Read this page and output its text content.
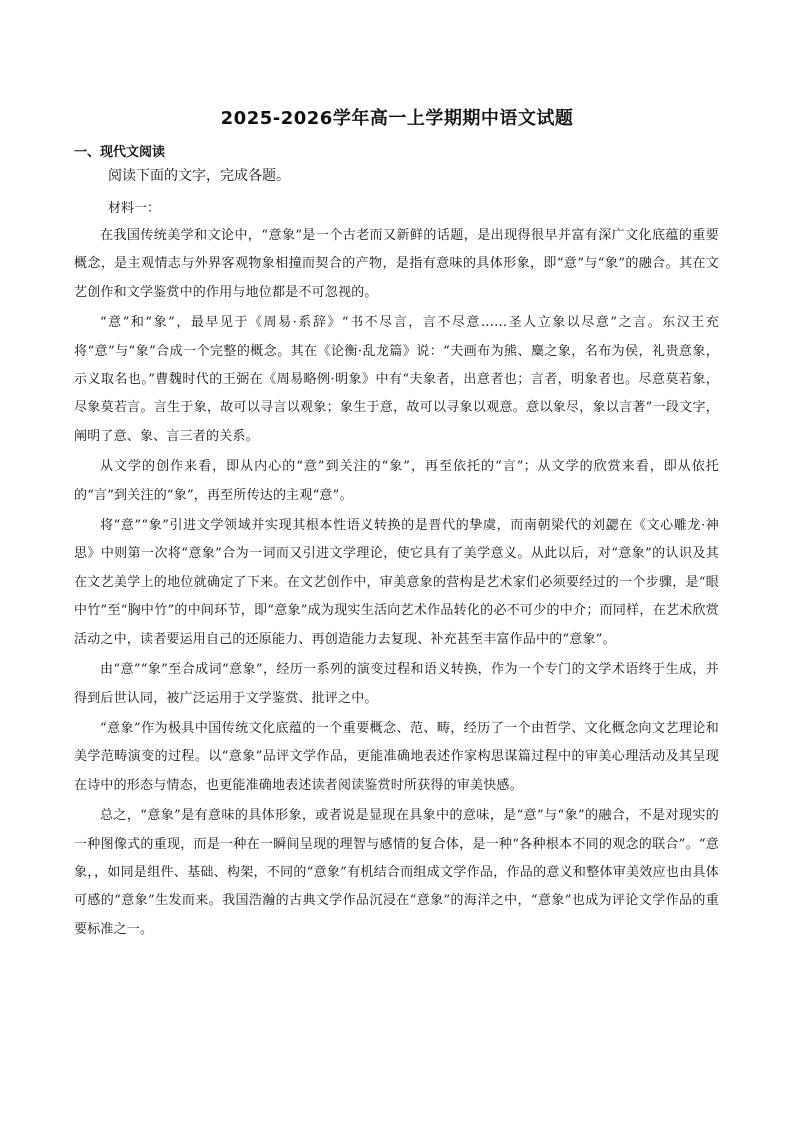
2025-2026学年高一上学期期中语文试题
一、现代文阅读
阅读下面的文字，完成各题。
材料一：

在我国传统美学和文论中，“意象”是一个古老而又新鲜的话题，是出现得很早并富有深广文化底蕴的重要概念，是主观情志与外界客观物象相撞而契合的产物，是指有意味的具体形象，即“意”与“象”的融合。其在文艺创作和文学鉴赏中的作用与地位都是不可忽视的。

“意”和“象”，最早见于《周易·系辞》“书不尽言，言不尽意……圣人立象以尽意”之言。东汉王充将“意”与“象”合成一个完整的概念。其在《论衡·乱龙篇》说：“夫画布为熊、麋之象，名布为侯，礼贵意象，示义取名也。”曹魏时代的王弼在《周易略例·明象》中有“夫象者，出意者也；言者，明象者也。尽意莫若象，尽象莫若言。言生于象，故可以寻言以观象；象生于意，故可以寻象以观意。意以象尽，象以言著”一段文字，阐明了意、象、言三者的关系。

从文学的创作来看，即从内心的“意”到关注的“象”，再至依托的“言”；从文学的欣赏来看，即从依托的“言”到关注的“象”，再至所传达的主观“意”。

将“意”“象”引进文学领域并实现其根本性语义转换的是晋代的挚虞，而南朝梁代的刘勰在《文心雕龙·神思》中则第一次将“意象”合为一词而又引进文学理论，使它具有了美学意义。从此以后，对“意象”的认识及其在文艺美学上的地位就确定了下来。在文艺创作中，审美意象的营构是艺术家们必须要经过的一个步骤，是“眼中竹”至“胸中竹”的中间环节，即“意象”成为现实生活向艺术作品转化的必不可少的中介；而同样，在艺术欣赏活动之中，读者要运用自己的还原能力、再创造能力去复现、补充甚至丰富作品中的“意象”。

由“意”“象”至合成词“意象”，经历一系列的演变过程和语义转换，作为一个专门的文学术语终于生成，并得到后世认同，被广泛运用于文学鉴赏、批评之中。

“意象”作为极具中国传统文化底蕴的一个重要概念、范、畴，经历了一个由哲学、文化概念向文艺理论和美学范畴演变的过程。以“意象”品评文学作品，更能准确地表述作家构思谋篇过程中的审美心理活动及其呈现在诗中的形态与情态，也更能准确地表述读者阅读鉴赏时所获得的审美快感。

总之，“意象”是有意味的具体形象，或者说是显现在具象中的意味，是“意”与“象”的融合，不是对现实的一种图像式的重现，而是一种在一瞬间呈现的理智与感情的复合体，是一种“各种根本不同的观念的联合”。“意象，，如同是组件、基础、构架，不同的“意象”有机结合而组成文学作品，作品的意义和整体审美效应也由具体可感的“意象”生发而来。我国浩瀚的古典文学作品沉浸在“意象”的海洋之中，“意象”也成为评论文学作品的重要标准之一。
